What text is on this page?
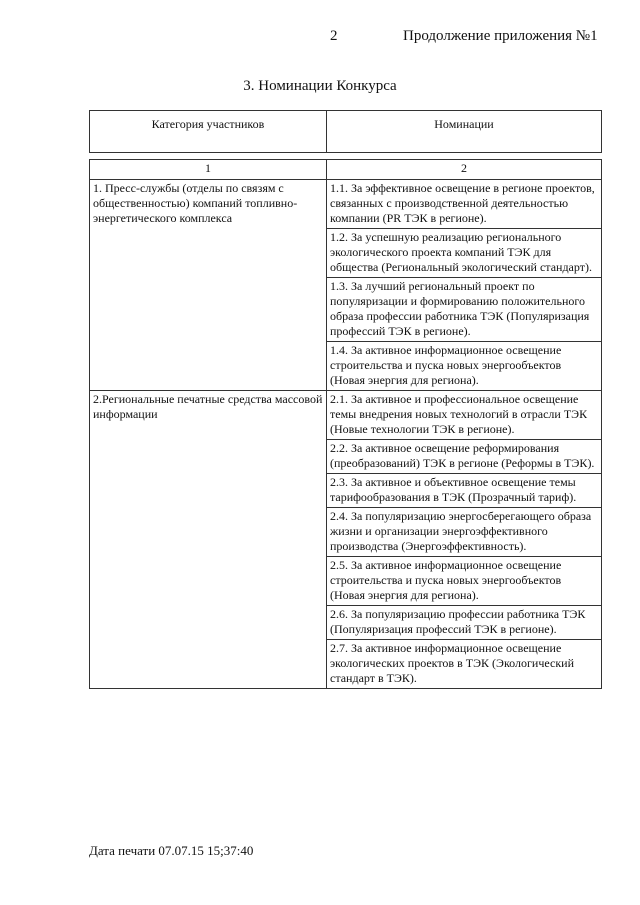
2	Продолжение приложения №1
3. Номинации Конкурса
Категория участников	Номинации

1	2
1. Пресс-службы (отделы по связям с общественностью) компаний топливно-энергетического комплекса	1.1. За эффективное освещение в регионе проектов, связанных с производственной деятельностью компании (PR ТЭК в регионе).
	1.2. За успешную реализацию регионального экологического проекта компаний ТЭК для общества (Региональный экологический стандарт).
	1.3. За лучший региональный проект по популяризации и формированию положительного образа профессии работника ТЭК (Популяризация профессий ТЭК в регионе).
	1.4. За активное информационное освещение строительства и пуска новых энергообъектов (Новая энергия для региона).
2.Региональные печатные средства массовой информации	2.1. За активное и профессиональное освещение темы внедрения новых технологий в отрасли ТЭК (Новые технологии ТЭК в регионе).
	2.2. За активное освещение реформирования (преобразований) ТЭК в регионе (Реформы в ТЭК).
	2.3. За активное и объективное освещение темы тарифообразования в ТЭК (Прозрачный тариф).
	2.4. За популяризацию энергосберегающего образа жизни и организации энергоэффективного производства (Энергоэффективность).
	2.5. За активное информационное освещение строительства и пуска новых энергообъектов (Новая энергия для региона).
	2.6. За популяризацию профессии работника ТЭК (Популяризация профессий ТЭК в регионе).
	2.7. За активное информационное освещение экологических проектов в ТЭК (Экологический стандарт в ТЭК).
Дата печати 07.07.15 15;37:40
